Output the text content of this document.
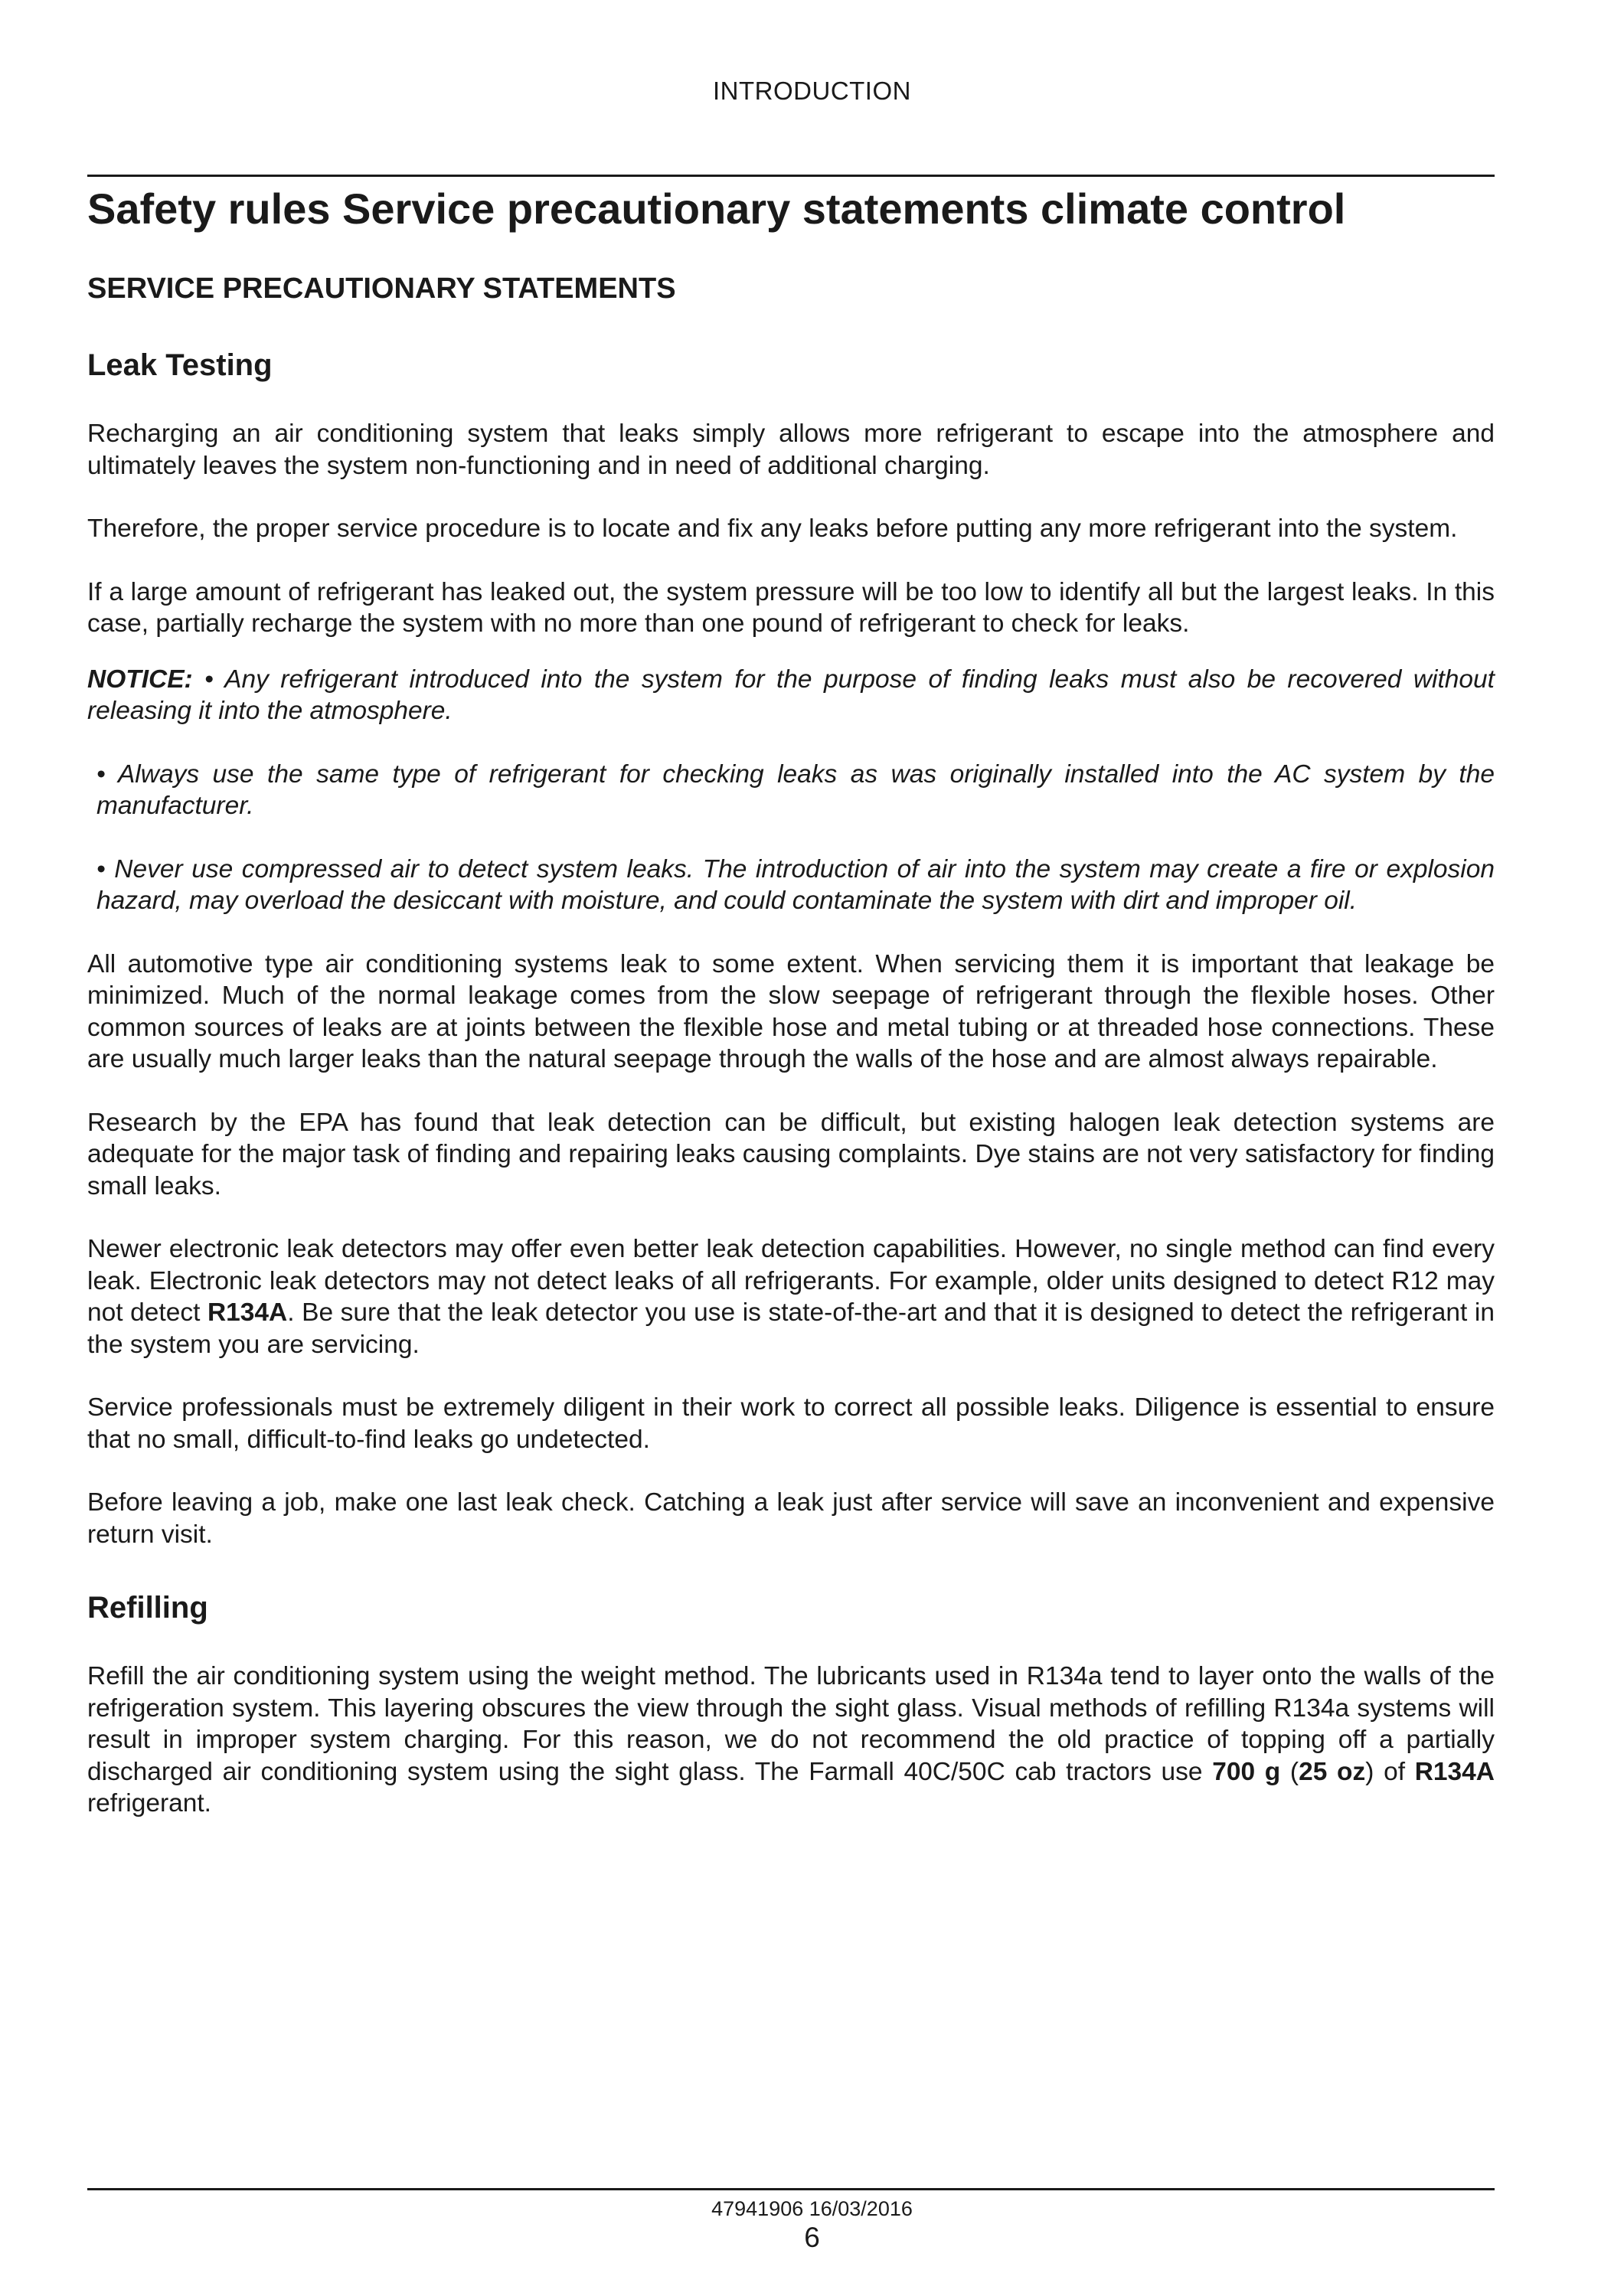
INTRODUCTION
Safety rules Service precautionary statements climate control
SERVICE PRECAUTIONARY STATEMENTS
Leak Testing

Recharging an air conditioning system that leaks simply allows more refrigerant to escape into the atmosphere and ultimately leaves the system non-functioning and in need of additional charging.

Therefore, the proper service procedure is to locate and fix any leaks before putting any more refrigerant into the system.

If a large amount of refrigerant has leaked out, the system pressure will be too low to identify all but the largest leaks. In this case, partially recharge the system with no more than one pound of refrigerant to check for leaks.

NOTICE: • Any refrigerant introduced into the system for the purpose of finding leaks must also be recovered without releasing it into the atmosphere.

• Always use the same type of refrigerant for checking leaks as was originally installed into the AC system by the manufacturer.

• Never use compressed air to detect system leaks. The introduction of air into the system may create a fire or explosion hazard, may overload the desiccant with moisture, and could contaminate the system with dirt and improper oil.

All automotive type air conditioning systems leak to some extent. When servicing them it is important that leakage be minimized. Much of the normal leakage comes from the slow seepage of refrigerant through the flexible hoses. Other common sources of leaks are at joints between the flexible hose and metal tubing or at threaded hose connections. These are usually much larger leaks than the natural seepage through the walls of the hose and are almost always repairable.

Research by the EPA has found that leak detection can be difficult, but existing halogen leak detection systems are adequate for the major task of finding and repairing leaks causing complaints. Dye stains are not very satisfactory for finding small leaks.

Newer electronic leak detectors may offer even better leak detection capabilities. However, no single method can find every leak. Electronic leak detectors may not detect leaks of all refrigerants. For example, older units designed to detect R12 may not detect R134A. Be sure that the leak detector you use is state-of-the-art and that it is designed to detect the refrigerant in the system you are servicing.

Service professionals must be extremely diligent in their work to correct all possible leaks. Diligence is essential to ensure that no small, difficult-to-find leaks go undetected.

Before leaving a job, make one last leak check. Catching a leak just after service will save an inconvenient and expensive return visit.

Refilling

Refill the air conditioning system using the weight method. The lubricants used in R134a tend to layer onto the walls of the refrigeration system. This layering obscures the view through the sight glass. Visual methods of refilling R134a systems will result in improper system charging. For this reason, we do not recommend the old practice of topping off a partially discharged air conditioning system using the sight glass. The Farmall 40C/50C cab tractors use 700 g (25 oz) of R134A refrigerant.

47941906 16/03/2016
6
